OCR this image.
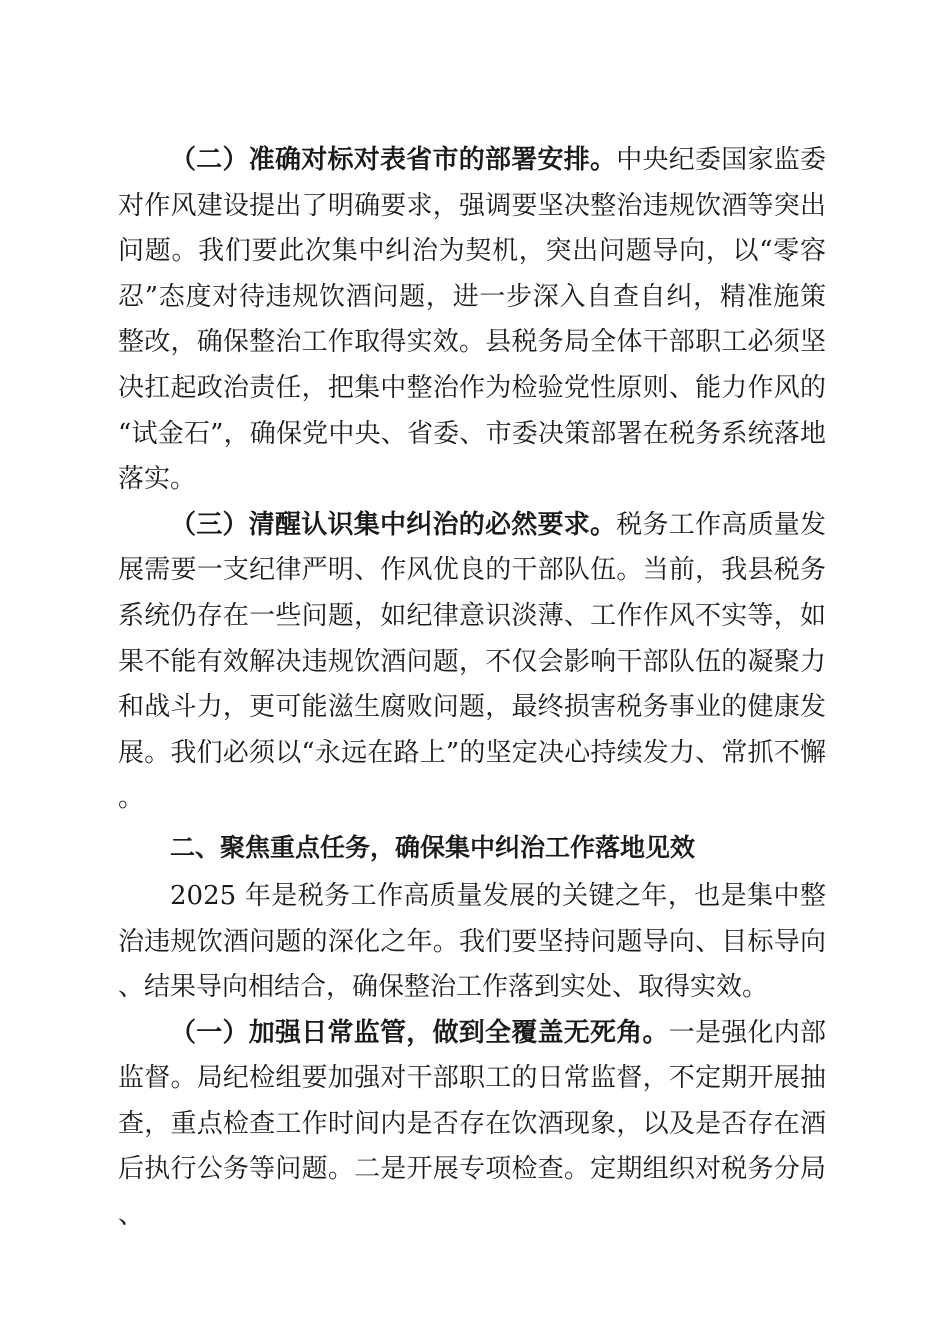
（二）准确对标对表省市的部署安排。中央纪委国家监委对作风建设提出了明确要求，强调要坚决整治违规饮酒等突出问题。我们要此次集中纠治为契机，突出问题导向，以“零容忍”态度对待违规饮酒问题，进一步深入自查自纠，精准施策整改，确保整治工作取得实效。县税务局全体干部职工必须坚决扛起政治责任，把集中整治作为检验党性原则、能力作风的“试金石”，确保党中央、省委、市委决策部署在税务系统落地落实。

（三）清醒认识集中纠治的必然要求。税务工作高质量发展需要一支纪律严明、作风优良的干部队伍。当前，我县税务系统仍存在一些问题，如纪律意识淡薄、工作作风不实等，如果不能有效解决违规饮酒问题，不仅会影响干部队伍的凝聚力和战斗力，更可能滋生腐败问题，最终损害税务事业的健康发展。我们必须以“永远在路上”的坚定决心持续发力、常抓不懈。

二、聚焦重点任务，确保集中纠治工作落地见效

2025 年是税务工作高质量发展的关键之年，也是集中整治违规饮酒问题的深化之年。我们要坚持问题导向、目标导向、结果导向相结合，确保整治工作落到实处、取得实效。

（一）加强日常监管，做到全覆盖无死角。一是强化内部监督。局纪检组要加强对干部职工的日常监督，不定期开展抽查，重点检查工作时间内是否存在饮酒现象，以及是否存在酒后执行公务等问题。二是开展专项检查。定期组织对税务分局、
